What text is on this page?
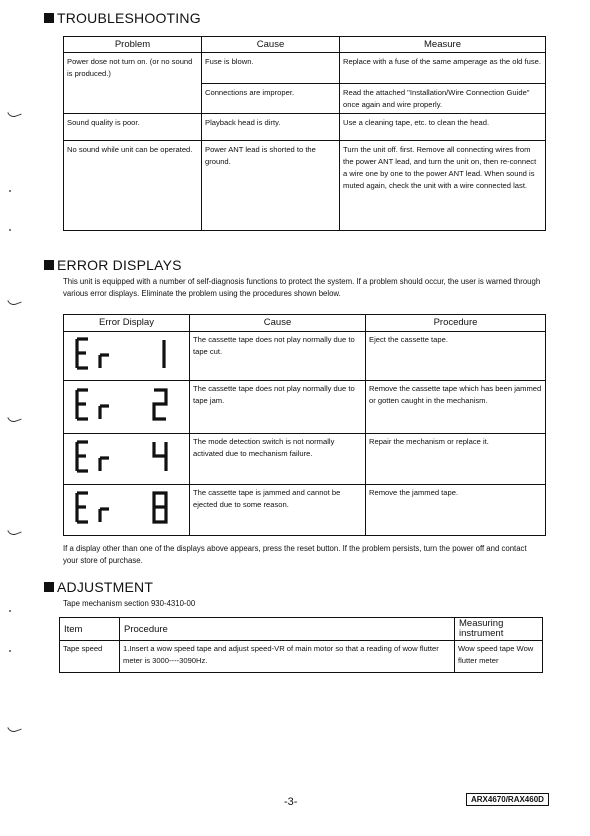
TROUBLESHOOTING
Problem	Cause	Measure
Power dose not turn on. (or no sound is produced.)	Fuse is blown.	Replace with a fuse of the same amperage as the old fuse.
	Connections are improper.	Read the attached "Installation/Wire Connection Guide" once again and wire properly.
Sound quality is poor.	Playback head is dirty.	Use a cleaning tape, etc. to clean the head.
No sound while unit can be operated.	Power ANT lead is shorted to the ground.	Turn the unit off. first. Remove all connecting wires from the power ANT lead, and turn the unit on, then re-connect a wire one by one to the power ANT lead. When sound is muted again, check the unit with a wire connected last.
ERROR DISPLAYS
This unit is equipped with a number of self-diagnosis functions to protect the system. If a problem should occur, the user is warned through various error displays. Eliminate the problem using the procedures shown below.
Error Display	Cause	Procedure
	The cassette tape does not play normally due to tape cut.	Eject the cassette tape.
	The cassette tape does not play normally due to tape jam.	Remove the cassette tape which has been jammed or gotten caught in the mechanism.
	The mode detection switch is not normally activated due to mechanism failure.	Repair the mechanism or replace it.
	The cassette tape is jammed and cannot be ejected due to some reason.	Remove the jammed tape.
If a display other than one of the displays above appears, press the reset button. If the problem persists, turn the power off and contact your store of purchase.
ADJUSTMENT
Tape mechanism section 930-4310-00
Item	Procedure	Measuring instrument
Tape speed	1.Insert a wow speed tape and adjust speed-VR of main motor so that a reading of wow flutter meter is 3000----3090Hz.	Wow speed tape Wow flutter meter
-3-	ARX4670/RAX460D
